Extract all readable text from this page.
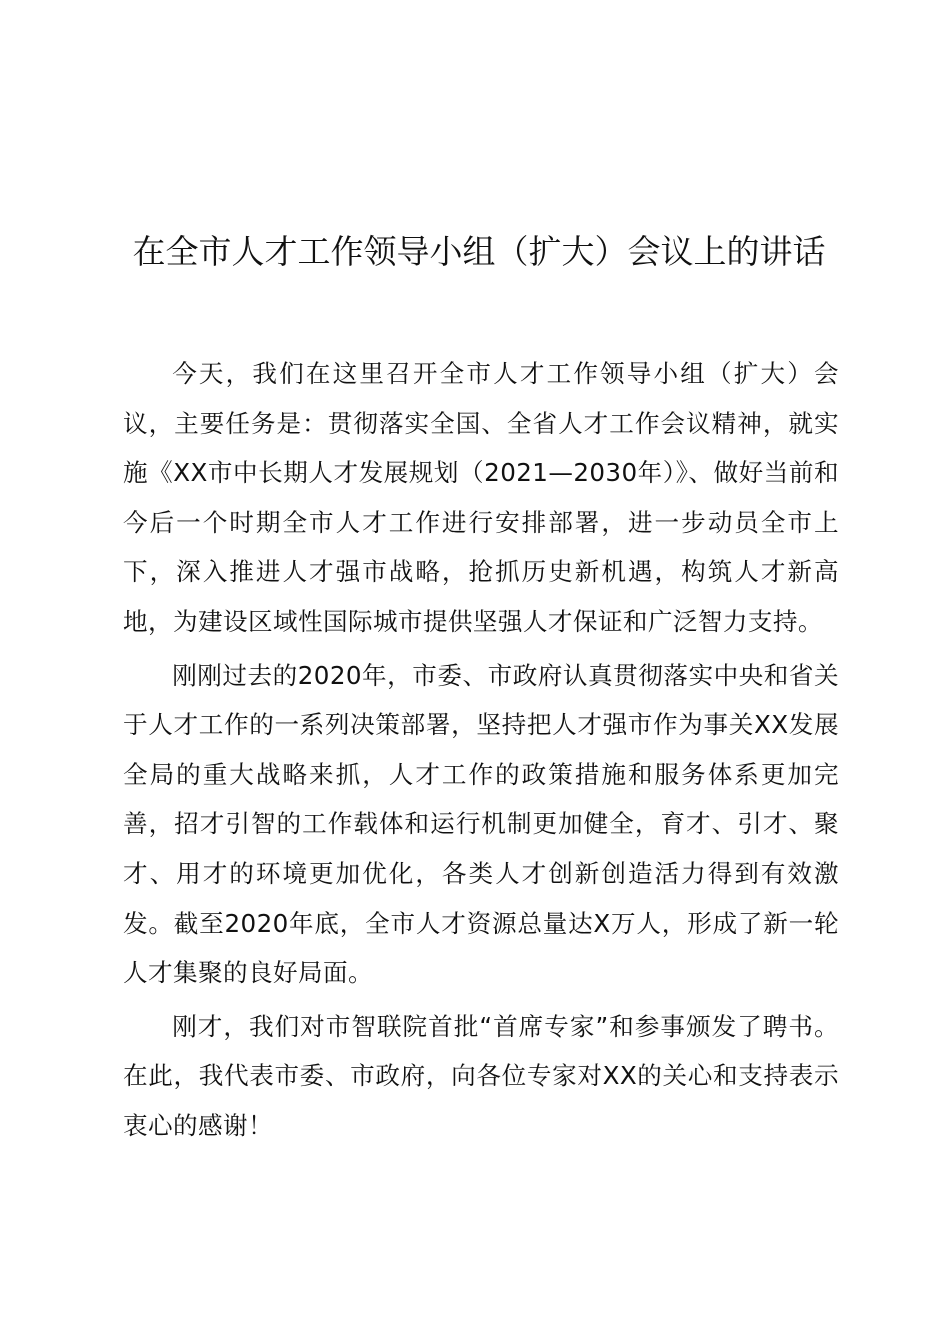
在全市人才工作领导小组（扩大）会议上的讲话

今天，我们在这里召开全市人才工作领导小组（扩大）会议，主要任务是：贯彻落实全国、全省人才工作会议精神，就实施《XX市中长期人才发展规划（2021—2030年）》、做好当前和今后一个时期全市人才工作进行安排部署，进一步动员全市上下，深入推进人才强市战略，抢抓历史新机遇，构筑人才新高地，为建设区域性国际城市提供坚强人才保证和广泛智力支持。

刚刚过去的2020年，市委、市政府认真贯彻落实中央和省关于人才工作的一系列决策部署，坚持把人才强市作为事关XX发展全局的重大战略来抓，人才工作的政策措施和服务体系更加完善，招才引智的工作载体和运行机制更加健全，育才、引才、聚才、用才的环境更加优化，各类人才创新创造活力得到有效激发。截至2020年底，全市人才资源总量达X万人，形成了新一轮人才集聚的良好局面。

刚才，我们对市智联院首批“首席专家”和参事颁发了聘书。在此，我代表市委、市政府，向各位专家对XX的关心和支持表示衷心的感谢！
